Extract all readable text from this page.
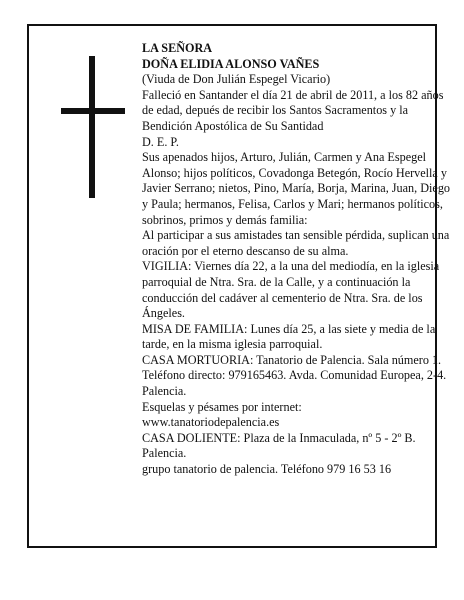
LA SEÑORA

DOÑA ELIDIA ALONSO VAÑES

(Viuda de Don Julián Espegel Vicario)

Falleció en Santander el día 21 de abril de 2011, a los 82 años de edad, depués de recibir los Santos Sacramentos y la Bendición Apostólica de Su Santidad

D. E. P.

Sus apenados hijos, Arturo, Julián, Carmen y Ana Espegel Alonso; hijos políticos, Covadonga Betegón, Rocío Hervella y Javier Serrano; nietos, Pino, María, Borja, Marina, Juan, Diego y Paula; hermanos, Felisa, Carlos y Mari; hermanos políticos, sobrinos, primos y demás familia:

Al participar a sus amistades tan sensible pérdida, suplican una oración por el eterno descanso de su alma.

VIGILIA: Viernes día 22, a la una del mediodía, en la iglesia parroquial de Ntra. Sra. de la Calle, y a continuación la conducción del cadáver al cementerio de Ntra. Sra. de los Ángeles.

MISA DE FAMILIA: Lunes día 25, a las siete y media de la tarde, en la misma iglesia parroquial.

CASA MORTUORIA: Tanatorio de Palencia. Sala número 1. Teléfono directo: 979165463. Avda. Comunidad Europea, 2-4. Palencia.

Esquelas y pésames por internet:

www.tanatoriodepalencia.es

CASA DOLIENTE: Plaza de la Inmaculada, nº 5 - 2º B. Palencia.

grupo tanatorio de palencia. Teléfono 979 16 53 16
